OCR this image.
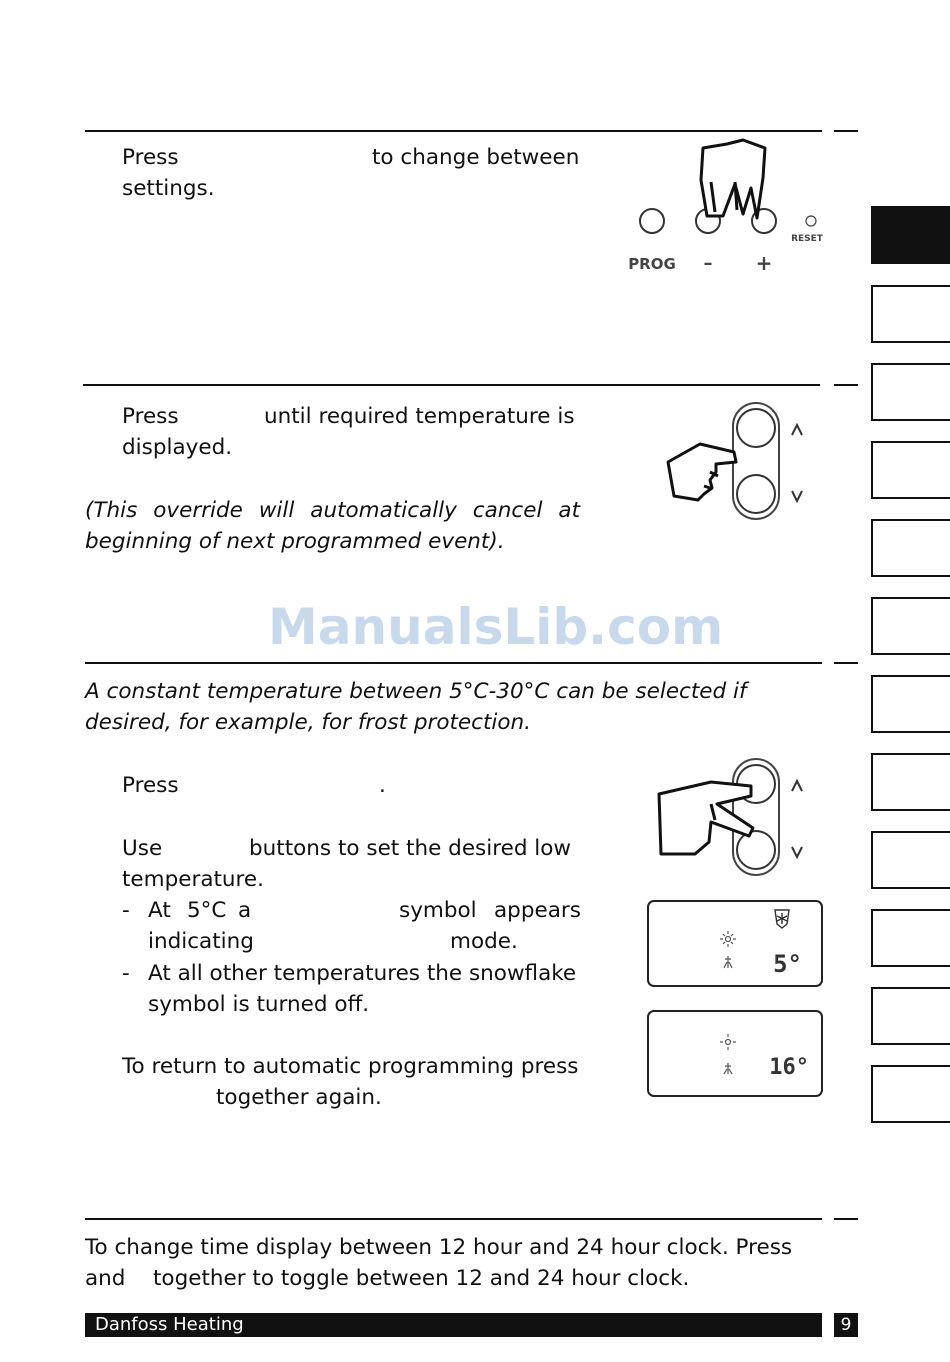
Press	to change between
settings.
PROG – +
RESET
Press	until required temperature is
displayed.
(This override will automatically cancel at beginning of next programmed event).
ManualsLib.com
A constant temperature between 5°C-30°C can be selected if desired, for example, for frost protection.
Press	.
Use	buttons to set the desired low
temperature.
- At 5°C a	symbol appears
indicating	mode.
- At all other temperatures the snowflake
symbol is turned off.
To return to automatic programming press
together again.
5°
16°
To change time display between 12 hour and 24 hour clock. Press
and together to toggle between 12 and 24 hour clock.
Danfoss Heating	9
